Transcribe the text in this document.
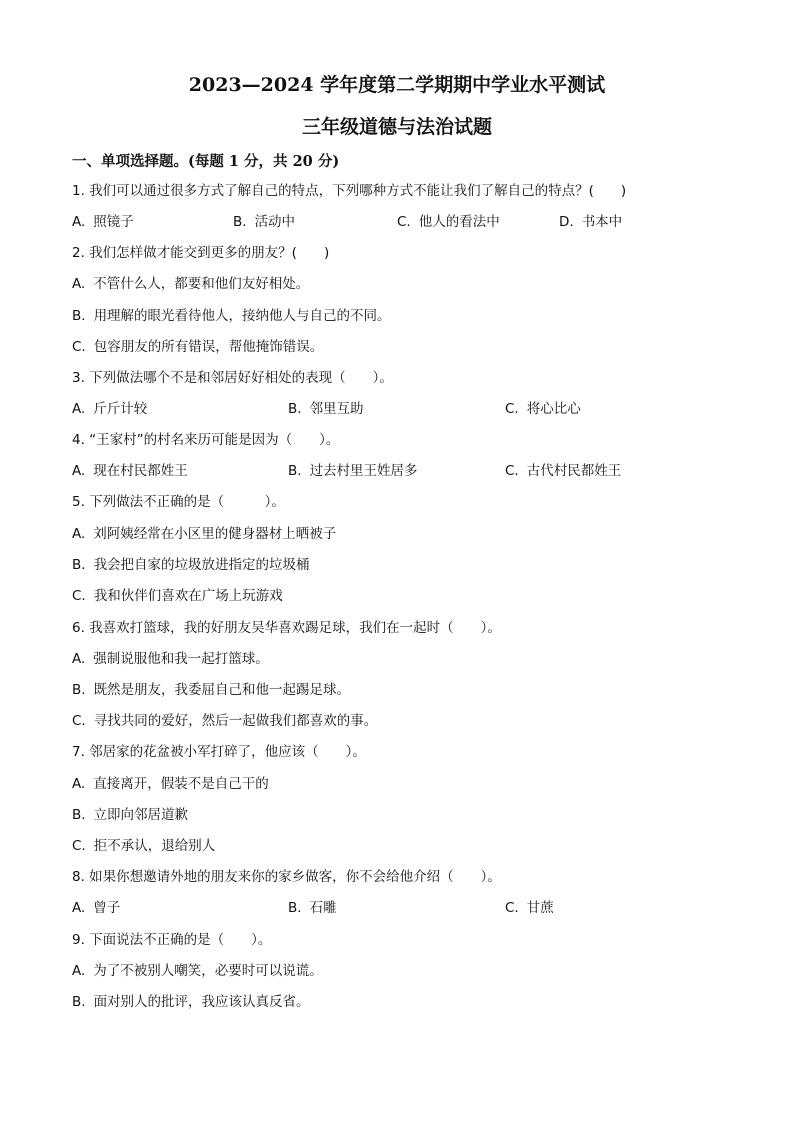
2023—2024 学年度第二学期期中学业水平测试
三年级道德与法治试题
一、单项选择题。(每题 1 分，共 20 分)
1. 我们可以通过很多方式了解自己的特点，下列哪种方式不能让我们了解自己的特点？(　　)
A. 照镜子	B. 活动中	C. 他人的看法中	D. 书本中
2. 我们怎样做才能交到更多的朋友？(　　)
A. 不管什么人，都要和他们友好相处。
B. 用理解的眼光看待他人，接纳他人与自己的不同。
C. 包容朋友的所有错误，帮他掩饰错误。
3. 下列做法哪个不是和邻居好好相处的表现（　　）。
A. 斤斤计较	B. 邻里互助	C. 将心比心
4. “王家村”的村名来历可能是因为（　　）。
A. 现在村民都姓王	B. 过去村里王姓居多	C. 古代村民都姓王
5. 下列做法不正确的是（　　　）。
A. 刘阿姨经常在小区里的健身器材上晒被子
B. 我会把自家的垃圾放进指定的垃圾桶
C. 我和伙伴们喜欢在广场上玩游戏
6. 我喜欢打篮球，我的好朋友吴华喜欢踢足球，我们在一起时（　　）。
A. 强制说服他和我一起打篮球。
B. 既然是朋友，我委屈自己和他一起踢足球。
C. 寻找共同的爱好，然后一起做我们都喜欢的事。
7. 邻居家的花盆被小军打碎了，他应该（　　）。
A. 直接离开，假装不是自己干的
B. 立即向邻居道歉
C. 拒不承认，退给别人
8. 如果你想邀请外地的朋友来你的家乡做客，你不会给他介绍（　　）。
A. 曾子	B. 石雕	C. 甘蔗
9. 下面说法不正确的是（　　）。
A. 为了不被别人嘲笑，必要时可以说谎。
B. 面对别人的批评，我应该认真反省。
